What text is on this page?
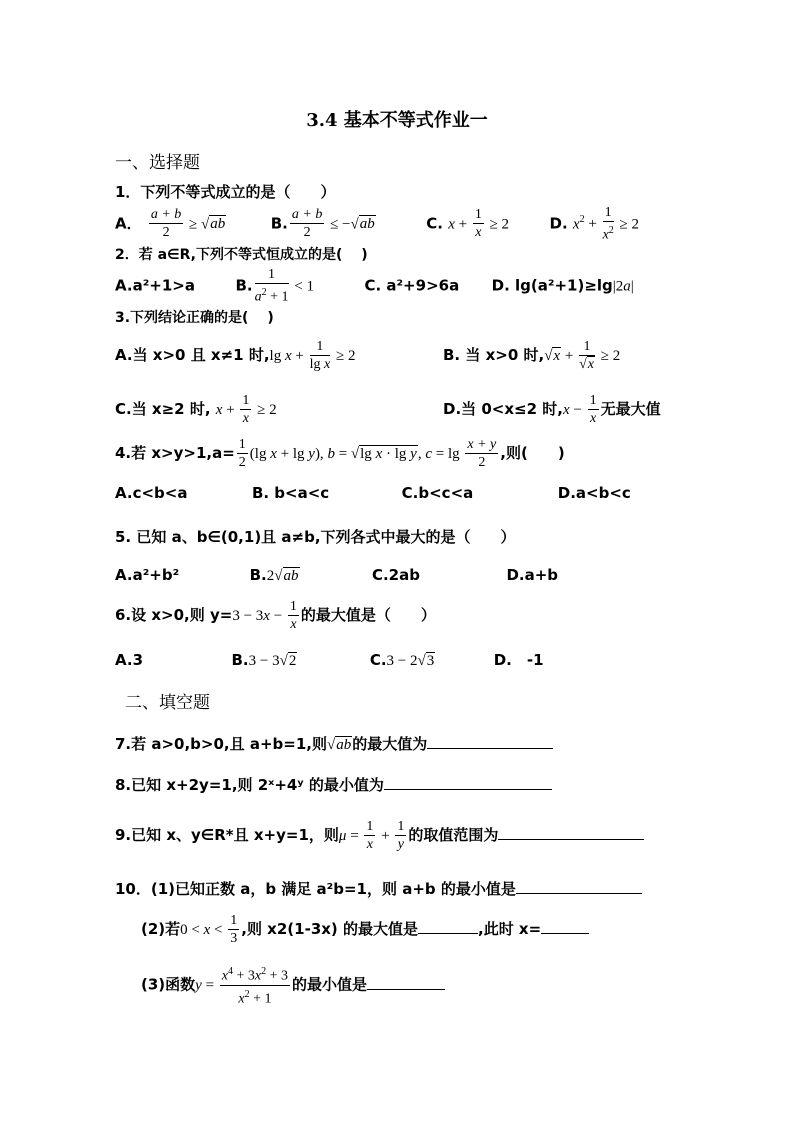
3.4 基本不等式作业一
一、选择题
1．下列不等式成立的是（　　）
A． $\frac{a + b}{2} \ge √ab$	B. $\frac{a + b}{2} \le -√ab$	C. $x + \frac{1}{x} \ge 2$	D. $x^2 + \frac{1}{x^2} \ge 2$
2．若 a∈R,下列不等式恒成立的是(　 )
A.a²+1>a	B. $\frac{1}{a^2 + 1} < 1$	C. a²+9>6a D. lg(a²+1)≥lg|2a|
3.下列结论正确的是(　 )
A.当 x>0 且 x≠1 时,lg $x + \frac{1}{\text{lg x}} \ge 2$	B. 当 x>0 时$,√x + \frac{1}{√x} \ge 2$
C.当 x≥2 时, $x + \frac{1}{x} \ge 2$	D.当 0<x≤2 时$,x - \frac{1}{x}$ 无最大值
4.若 $x>y>1,a= \frac{1}{2} (\lg$ x + lg y), b = √lg x · lg y, $c = \lg \frac{x + y}{2}$ ,则(　　)
A.c<b<a	B. b<a<c	C.b<c<a	D.a<b<c
5. 已知 a、b∈(0,1)且 a≠b,下列各式中最大的是（　　）
A.a²+b²	B.2√ab	C.2ab	D.a+b
6.设 x>0,则 $y=3 - 3x - \frac{1}{x}$ 的最大值是（　　）
A.3	B.3 − 3√2	C.3 − 2√3	D.　-1
二、填空题
7.若 a>0,b>0,且 a+b=1,则√ab的最大值为
8.已知 x+2y=1,则 2ˣ+4ʸ 的最小值为
9.已知 x、y∈R*且 x+y=1，则$\mu = \frac{1}{x} + \frac{1}{y}$ 的取值范围为
10．(1)已知正数 a，b 满足 a²b=1，则 a+b 的最小值是
(2)若$0 < x < \frac{1}{3}$ ,则 x2(1-3x) 的最大值是	,此时 x=
(3)函数$y = \frac{x^4 + 3x^2 + 3}{x^2 + 1}$ 的最小值是
